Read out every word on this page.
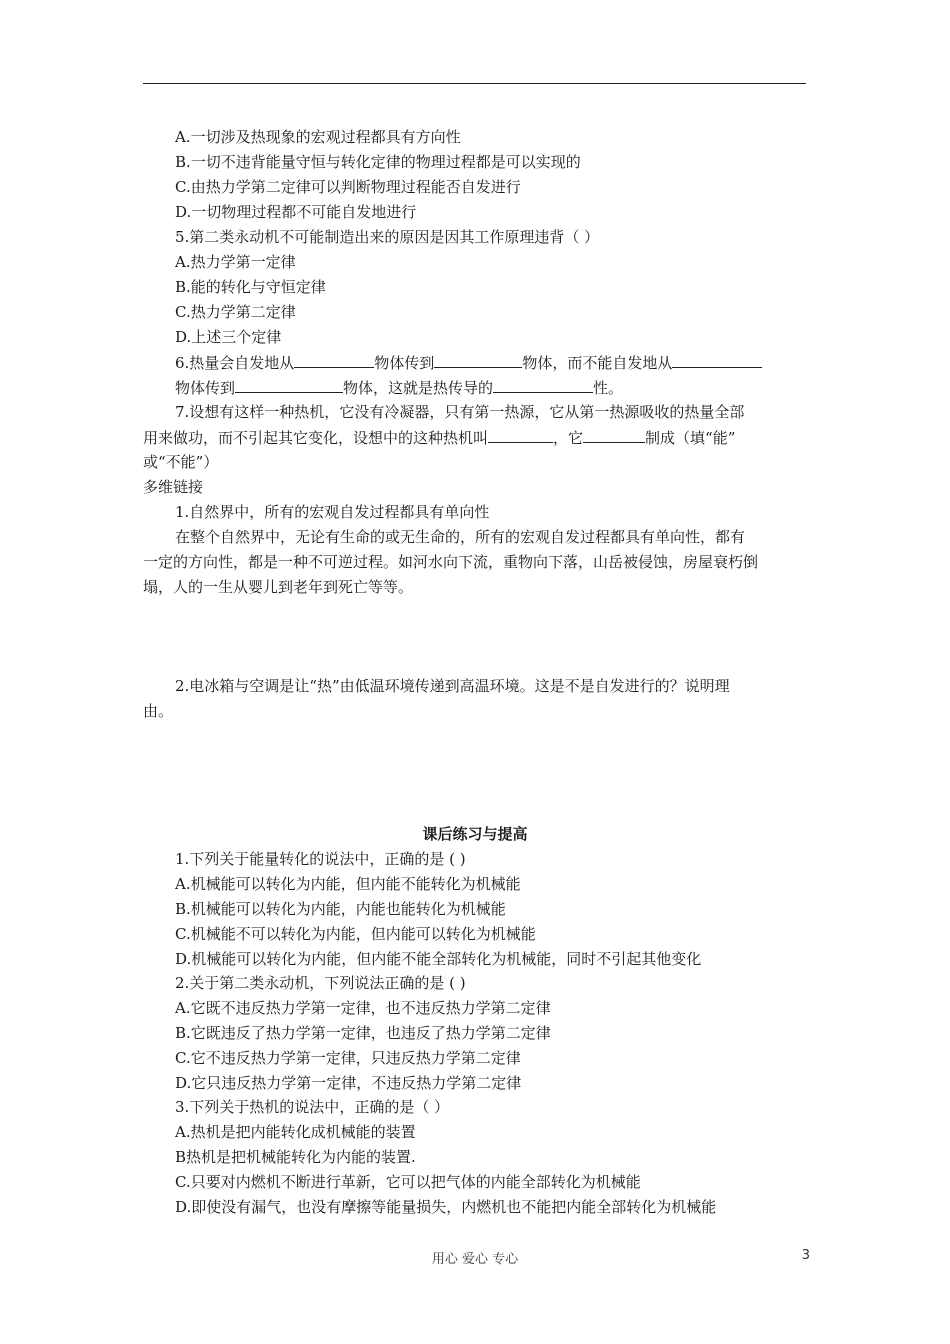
A.一切涉及热现象的宏观过程都具有方向性
B.一切不违背能量守恒与转化定律的物理过程都是可以实现的
C.由热力学第二定律可以判断物理过程能否自发进行
D.一切物理过程都不可能自发地进行
5.第二类永动机不可能制造出来的原因是因其工作原理违背（ ）
A.热力学第一定律
B.能的转化与守恒定律
C.热力学第二定律
D.上述三个定律
6.热量会自发地从	物体传到	物体，而不能自发地从
物体传到	物体，这就是热传导的	性。
7.设想有这样一种热机，它没有冷凝器，只有第一热源，它从第一热源吸收的热量全部
用来做功，而不引起其它变化，设想中的这种热机叫	，它	制成（填“能”
或“不能”）
多维链接
1.自然界中，所有的宏观自发过程都具有单向性
在整个自然界中，无论有生命的或无生命的，所有的宏观自发过程都具有单向性，都有
一定的方向性，都是一种不可逆过程。如河水向下流，重物向下落，山岳被侵蚀，房屋衰朽倒
塌，人的一生从婴儿到老年到死亡等等。
2.电冰箱与空调是让“热”由低温环境传递到高温环境。这是不是自发进行的？说明理
由。
课后练习与提高
1.下列关于能量转化的说法中，正确的是 ( )
A.机械能可以转化为内能，但内能不能转化为机械能
B.机械能可以转化为内能，内能也能转化为机械能
C.机械能不可以转化为内能，但内能可以转化为机械能
D.机械能可以转化为内能，但内能不能全部转化为机械能，同时不引起其他变化
2.关于第二类永动机，下列说法正确的是 ( )
A.它既不违反热力学第一定律，也不违反热力学第二定律
B.它既违反了热力学第一定律，也违反了热力学第二定律
C.它不违反热力学第一定律，只违反热力学第二定律
D.它只违反热力学第一定律，不违反热力学第二定律
3.下列关于热机的说法中，正确的是（ ）
A.热机是把内能转化成机械能的装置
B热机是把机械能转化为内能的装置.
C.只要对内燃机不断进行革新，它可以把气体的内能全部转化为机械能
D.即使没有漏气，也没有摩擦等能量损失，内燃机也不能把内能全部转化为机械能
用心 爱心 专心	3
